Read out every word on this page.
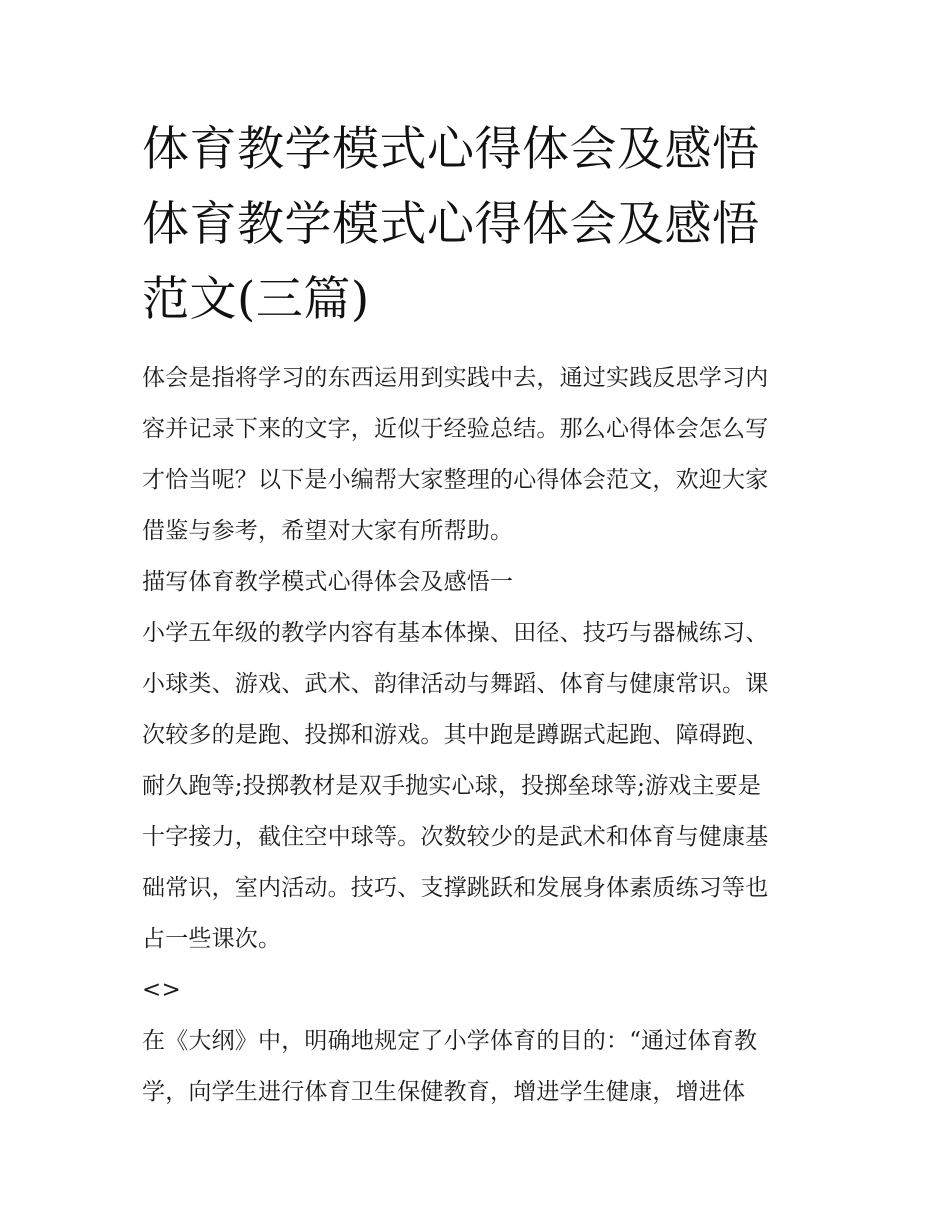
体育教学模式心得体会及感悟
体育教学模式心得体会及感悟
范文(三篇)

体会是指将学习的东西运用到实践中去，通过实践反思学习内
容并记录下来的文字，近似于经验总结。那么心得体会怎么写
才恰当呢？以下是小编帮大家整理的心得体会范文，欢迎大家
借鉴与参考，希望对大家有所帮助。

描写体育教学模式心得体会及感悟一

小学五年级的教学内容有基本体操、田径、技巧与器械练习、
小球类、游戏、武术、韵律活动与舞蹈、体育与健康常识。课
次较多的是跑、投掷和游戏。其中跑是蹲踞式起跑、障碍跑、
耐久跑等;投掷教材是双手抛实心球，投掷垒球等;游戏主要是
十字接力，截住空中球等。次数较少的是武术和体育与健康基
础常识，室内活动。技巧、支撑跳跃和发展身体素质练习等也
占一些课次。

<>

在《大纲》中，明确地规定了小学体育的目的：“通过体育教
学，向学生进行体育卫生保健教育，增进学生健康，增进体
